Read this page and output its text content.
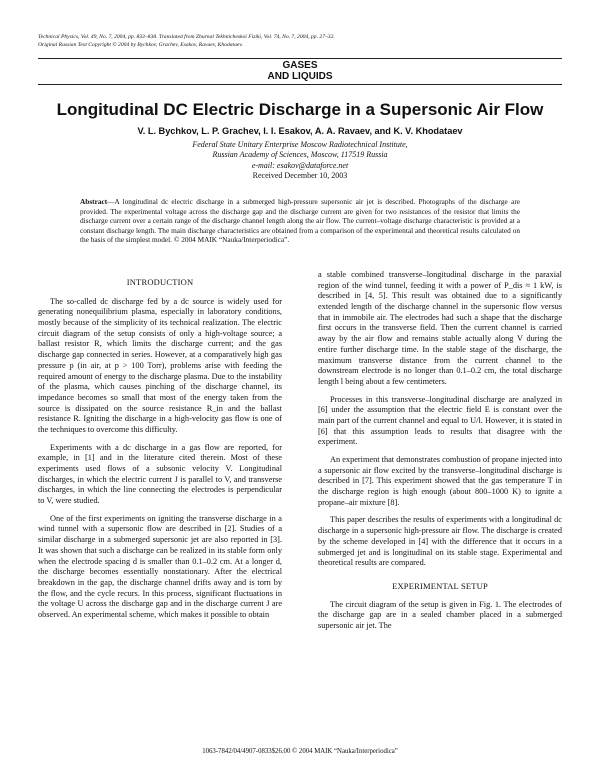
Technical Physics, Vol. 49, No. 7, 2004, pp. 833–838. Translated from Zhurnal Tekhnicheskoĭ Fiziki, Vol. 74, No. 7, 2004, pp. 27–32.
Original Russian Text Copyright © 2004 by Bychkov, Grachev, Esakov, Ravaev, Khodataev.
GASES
AND LIQUIDS
Longitudinal DC Electric Discharge in a Supersonic Air Flow
V. L. Bychkov, L. P. Grachev, I. I. Esakov, A. A. Ravaev, and K. V. Khodataev
Federal State Unitary Enterprise Moscow Radiotechnical Institute,
Russian Academy of Sciences, Moscow, 117519 Russia
e-mail: esakov@dataforce.net
Received December 10, 2003
Abstract—A longitudinal dc electric discharge in a submerged high-pressure supersonic air jet is described. Photographs of the discharge are provided. The experimental voltage across the discharge gap and the discharge current are given for two resistances of the resistor that limits the discharge current over a certain range of the discharge channel length along the air flow. The current–voltage discharge characteristic is provided at a constant discharge length. The main discharge characteristics are obtained from a comparison of the experimental and theoretical results calculated on the basis of the simplest model. © 2004 MAIK “Nauka/Interperiodica”.
INTRODUCTION

The so-called dc discharge fed by a dc source is widely used for generating nonequilibrium plasma, especially in laboratory conditions, mostly because of the simplicity of its technical realization. The electric circuit diagram of the setup consists of only a high-voltage source; a ballast resistor R, which limits the discharge current; and the gas discharge gap connected in series. However, at a comparatively high gas pressure p (in air, at p > 100 Torr), problems arise with feeding the required amount of energy to the discharge plasma. Due to the instability of the plasma, which causes pinching of the discharge channel, its impedance becomes so small that most of the energy taken from the source is dissipated on the source resistance R_in and the ballast resistance R. Igniting the discharge in a high-velocity gas flow is one of the techniques to overcome this difficulty.

Experiments with a dc discharge in a gas flow are reported, for example, in [1] and in the literature cited therein. Most of these experiments used flows of a subsonic velocity V. Longitudinal discharges, in which the electric current J is parallel to V, and transverse discharges, in which the line connecting the electrodes is perpendicular to V, were studied.

One of the first experiments on igniting the transverse discharge in a wind tunnel with a supersonic flow are described in [2]. Studies of a similar discharge in a submerged supersonic jet are also reported in [3]. It was shown that such a discharge can be realized in its stable form only when the electrode spacing d is smaller than 0.1–0.2 cm. At a longer d, the discharge becomes essentially nonstationary. After the electrical breakdown in the gap, the discharge channel drifts away and is torn by the flow, and the cycle recurs. In this process, significant fluctuations in the voltage U across the discharge gap and in the discharge current J are observed. An experimental scheme, which makes it possible to obtain

a stable combined transverse–longitudinal discharge in the paraxial region of the wind tunnel, feeding it with a power of P_dis ≈ 1 kW, is described in [4, 5]. This result was obtained due to a significantly extended length of the discharge channel in the supersonic flow versus that in immobile air. The electrodes had such a shape that the discharge first occurs in the transverse field. Then the current channel is carried away by the air flow and remains stable actually along V during the entire further discharge time. In the stable stage of the discharge, the maximum transverse distance from the current channel to the downstream electrode is no longer than 0.1–0.2 cm, the total discharge length l being about a few centimeters.

Processes in this transverse–longitudinal discharge are analyzed in [6] under the assumption that the electric field E is constant over the main part of the current channel and equal to U/l. However, it is stated in [6] that this assumption leads to results that disagree with the experiment.

An experiment that demonstrates combustion of propane injected into a supersonic air flow excited by the transverse–longitudinal discharge is described in [7]. This experiment showed that the gas temperature T in the discharge region is high enough (about 800–1000 K) to ignite a propane–air mixture [8].

This paper describes the results of experiments with a longitudinal dc discharge in a supersonic high-pressure air flow. The discharge is created by the scheme developed in [4] with the difference that it occurs in a submerged jet and is longitudinal on its stable stage. Experimental and theoretical results are compared.

EXPERIMENTAL SETUP

The circuit diagram of the setup is given in Fig. 1. The electrodes of the discharge gap are in a sealed chamber placed in a submerged supersonic air jet. The

1063-7842/04/4907-0833$26.00 © 2004 MAIK “Nauka/Interperiodica”
